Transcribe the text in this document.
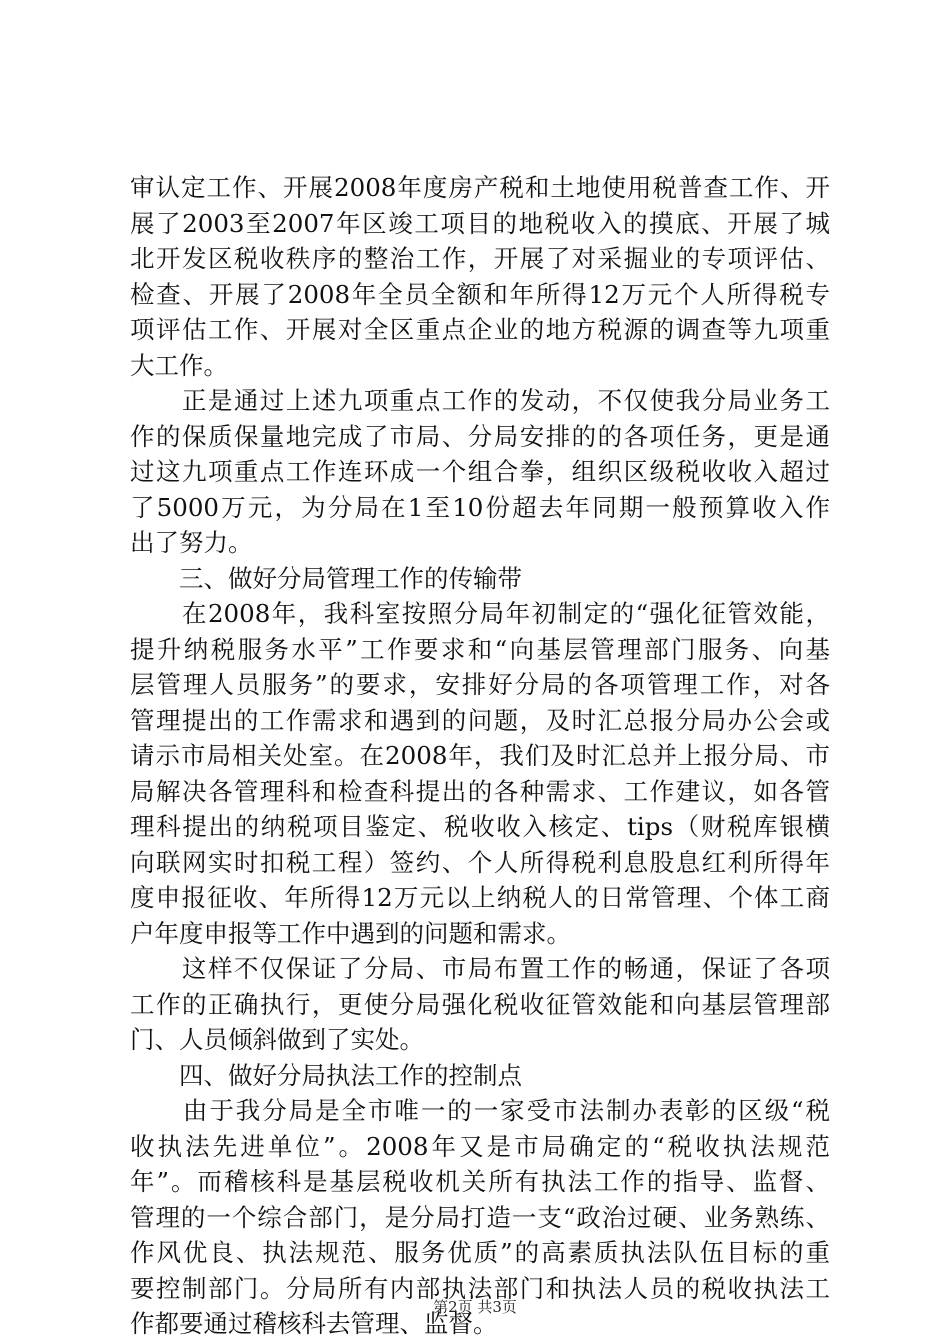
审认定工作、开展2008年度房产税和土地使用税普查工作、开
展了2003至2007年区竣工项目的地税收入的摸底、开展了城
北开发区税收秩序的整治工作，开展了对采掘业的专项评估、
检查、开展了2008年全员全额和年所得12万元个人所得税专
项评估工作、开展对全区重点企业的地方税源的调查等九项重
大工作。
　　正是通过上述九项重点工作的发动，不仅使我分局业务工
作的保质保量地完成了市局、分局安排的的各项任务，更是通
过这九项重点工作连环成一个组合拳，组织区级税收收入超过
了5000万元，为分局在1至10份超去年同期一般预算收入作
出了努力。
　　三、做好分局管理工作的传输带
　　在2008年，我科室按照分局年初制定的“强化征管效能，
提升纳税服务水平”工作要求和“向基层管理部门服务、向基
层管理人员服务”的要求，安排好分局的各项管理工作，对各
管理提出的工作需求和遇到的问题，及时汇总报分局办公会或
请示市局相关处室。在2008年，我们及时汇总并上报分局、市
局解决各管理科和检查科提出的各种需求、工作建议，如各管
理科提出的纳税项目鉴定、税收收入核定、tips（财税库银横
向联网实时扣税工程）签约、个人所得税利息股息红利所得年
度申报征收、年所得12万元以上纳税人的日常管理、个体工商
户年度申报等工作中遇到的问题和需求。
　　这样不仅保证了分局、市局布置工作的畅通，保证了各项
工作的正确执行，更使分局强化税收征管效能和向基层管理部
门、人员倾斜做到了实处。
　　四、做好分局执法工作的控制点
　　由于我分局是全市唯一的一家受市法制办表彰的区级“税
收执法先进单位”。2008年又是市局确定的“税收执法规范
年”。而稽核科是基层税收机关所有执法工作的指导、监督、
管理的一个综合部门，是分局打造一支“政治过硬、业务熟练、
作风优良、执法规范、服务优质”的高素质执法队伍目标的重
要控制部门。分局所有内部执法部门和执法人员的税收执法工
作都要通过稽核科去管理、监督。
第2页 共3页
